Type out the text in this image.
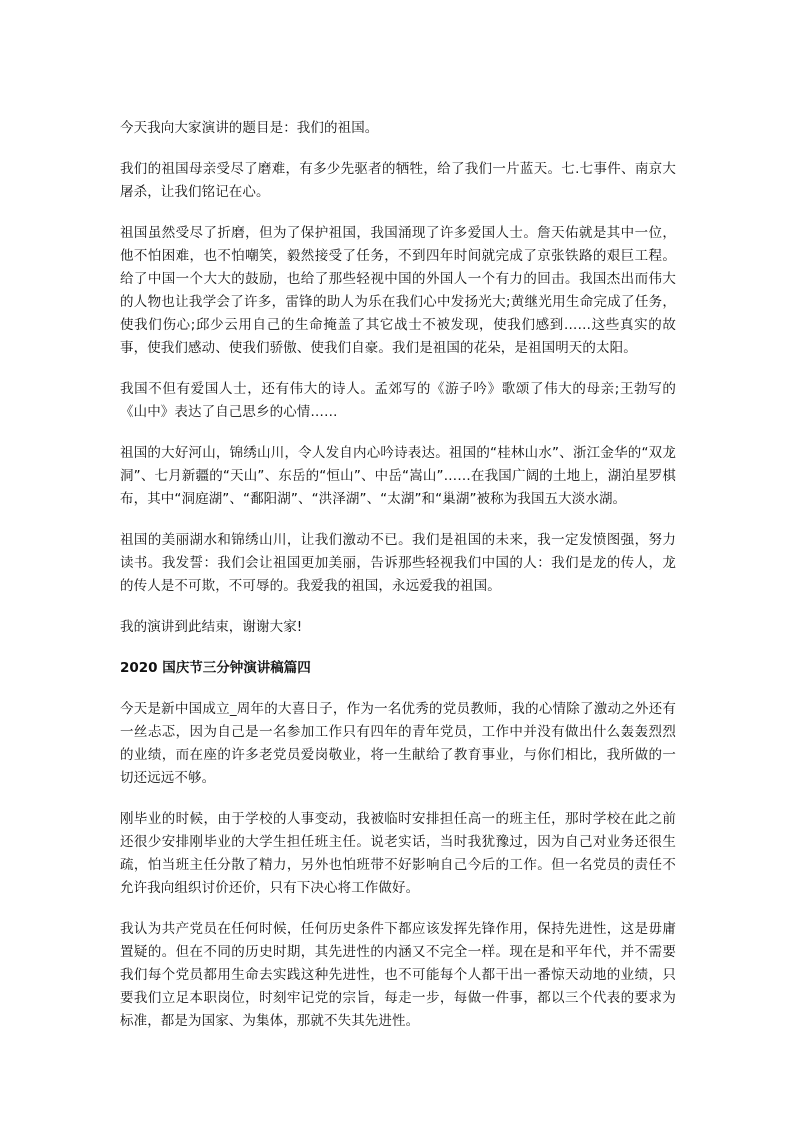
今天我向大家演讲的题目是：我们的祖国。

我们的祖国母亲受尽了磨难，有多少先驱者的牺牲，给了我们一片蓝天。七.七事件、南京大屠杀，让我们铭记在心。

祖国虽然受尽了折磨，但为了保护祖国，我国涌现了许多爱国人士。詹天佑就是其中一位，他不怕困难，也不怕嘲笑，毅然接受了任务，不到四年时间就完成了京张铁路的艰巨工程。给了中国一个大大的鼓励，也给了那些轻视中国的外国人一个有力的回击。我国杰出而伟大的人物也让我学会了许多，雷锋的助人为乐在我们心中发扬光大;黄继光用生命完成了任务，使我们伤心;邱少云用自己的生命掩盖了其它战士不被发现，使我们感到……这些真实的故事，使我们感动、使我们骄傲、使我们自豪。我们是祖国的花朵，是祖国明天的太阳。

我国不但有爱国人士，还有伟大的诗人。孟郊写的《游子吟》歌颂了伟大的母亲;王勃写的《山中》表达了自己思乡的心情……

祖国的大好河山，锦绣山川，令人发自内心吟诗表达。祖国的“桂林山水”、浙江金华的“双龙洞”、七月新疆的“天山”、东岳的“恒山”、中岳“嵩山”……在我国广阔的土地上，湖泊星罗棋布，其中“洞庭湖”、“鄱阳湖”、“洪泽湖”、“太湖”和“巢湖”被称为我国五大淡水湖。

祖国的美丽湖水和锦绣山川，让我们激动不已。我们是祖国的未来，我一定发愤图强，努力读书。我发誓：我们会让祖国更加美丽，告诉那些轻视我们中国的人：我们是龙的传人，龙的传人是不可欺，不可辱的。我爱我的祖国，永远爱我的祖国。

我的演讲到此结束，谢谢大家!

2020 国庆节三分钟演讲稿篇四

今天是新中国成立_周年的大喜日子，作为一名优秀的党员教师，我的心情除了激动之外还有一丝忐忑，因为自己是一名参加工作只有四年的青年党员，工作中并没有做出什么轰轰烈烈的业绩，而在座的许多老党员爱岗敬业，将一生献给了教育事业，与你们相比，我所做的一切还远远不够。

刚毕业的时候，由于学校的人事变动，我被临时安排担任高一的班主任，那时学校在此之前还很少安排刚毕业的大学生担任班主任。说老实话，当时我犹豫过，因为自己对业务还很生疏，怕当班主任分散了精力，另外也怕班带不好影响自己今后的工作。但一名党员的责任不允许我向组织讨价还价，只有下决心将工作做好。

我认为共产党员在任何时候，任何历史条件下都应该发挥先锋作用，保持先进性，这是毋庸置疑的。但在不同的历史时期，其先进性的内涵又不完全一样。现在是和平年代，并不需要我们每个党员都用生命去实践这种先进性，也不可能每个人都干出一番惊天动地的业绩，只要我们立足本职岗位，时刻牢记党的宗旨，每走一步，每做一件事，都以三个代表的要求为标准，都是为国家、为集体，那就不失其先进性。
